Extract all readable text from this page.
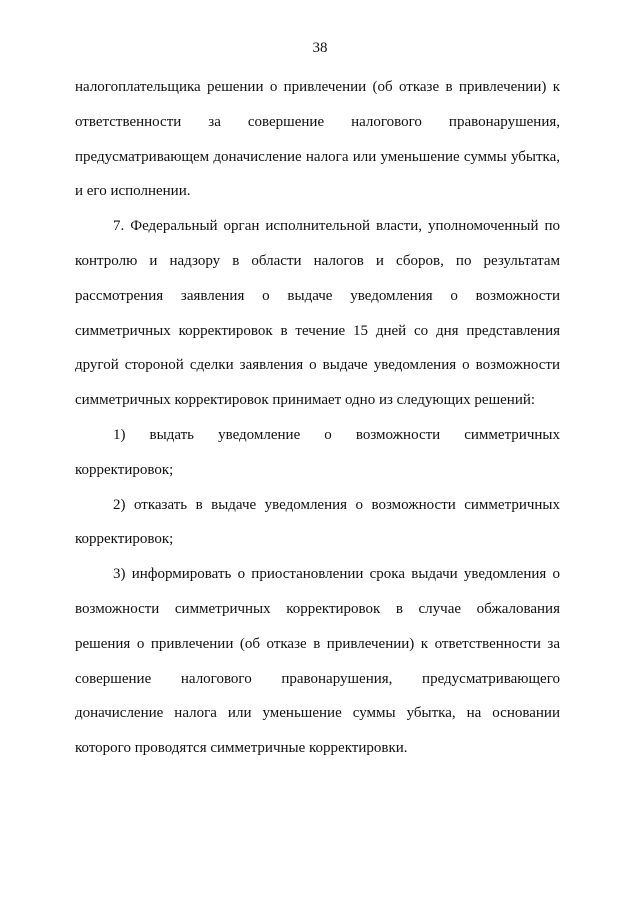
38
налогоплательщика решении о привлечении (об отказе в привлечении) к
ответственности за совершение налогового правонарушения,
предусматривающем доначисление налога или уменьшение суммы убытка,
и его исполнении.
7. Федеральный орган исполнительной власти, уполномоченный по
контролю и надзору в области налогов и сборов, по результатам
рассмотрения заявления о выдаче уведомления о возможности
симметричных корректировок в течение 15 дней со дня представления
другой стороной сделки заявления о выдаче уведомления о возможности
симметричных корректировок принимает одно из следующих решений:
1) выдать уведомление о возможности симметричных
корректировок;
2) отказать в выдаче уведомления о возможности симметричных
корректировок;
3) информировать о приостановлении срока выдачи уведомления о
возможности симметричных корректировок в случае обжалования
решения о привлечении (об отказе в привлечении) к ответственности за
совершение налогового правонарушения, предусматривающего
доначисление налога или уменьшение суммы убытка, на основании
которого проводятся симметричные корректировки.
